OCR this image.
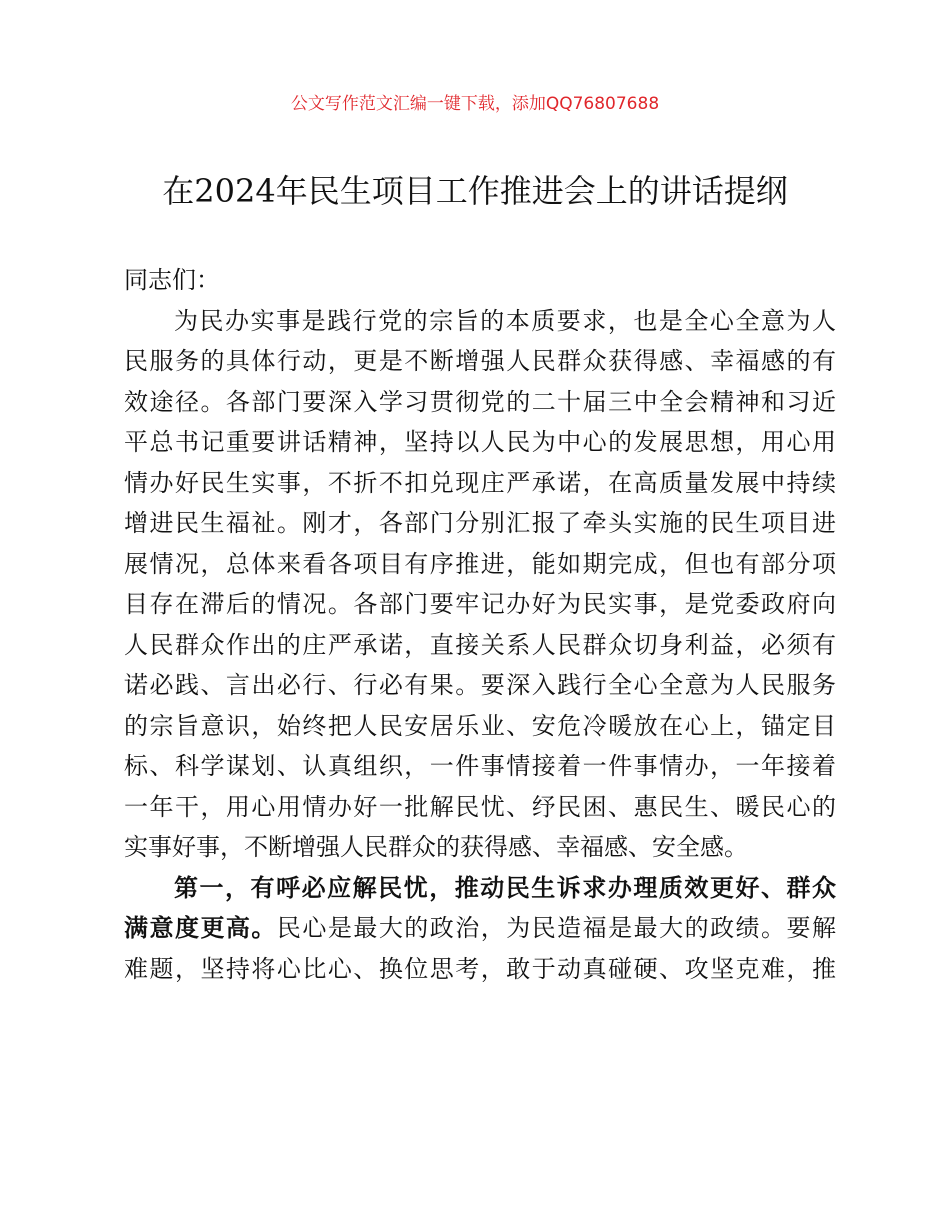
公文写作范文汇编一键下载，添加QQ76807688
在2024年民生项目工作推进会上的讲话提纲
同志们：
为民办实事是践行党的宗旨的本质要求，也是全心全意为人
民服务的具体行动，更是不断增强人民群众获得感、幸福感的有
效途径。各部门要深入学习贯彻党的二十届三中全会精神和习近
平总书记重要讲话精神，坚持以人民为中心的发展思想，用心用
情办好民生实事，不折不扣兑现庄严承诺，在高质量发展中持续
增进民生福祉。刚才，各部门分别汇报了牵头实施的民生项目进
展情况，总体来看各项目有序推进，能如期完成，但也有部分项
目存在滞后的情况。各部门要牢记办好为民实事，是党委政府向
人民群众作出的庄严承诺，直接关系人民群众切身利益，必须有
诺必践、言出必行、行必有果。要深入践行全心全意为人民服务
的宗旨意识，始终把人民安居乐业、安危冷暖放在心上，锚定目
标、科学谋划、认真组织，一件事情接着一件事情办，一年接着
一年干，用心用情办好一批解民忧、纾民困、惠民生、暖民心的
实事好事，不断增强人民群众的获得感、幸福感、安全感。
第一，有呼必应解民忧，推动民生诉求办理质效更好、群众
满意度更高。民心是最大的政治，为民造福是最大的政绩。要解
难题，坚持将心比心、换位思考，敢于动真碰硬、攻坚克难，推
